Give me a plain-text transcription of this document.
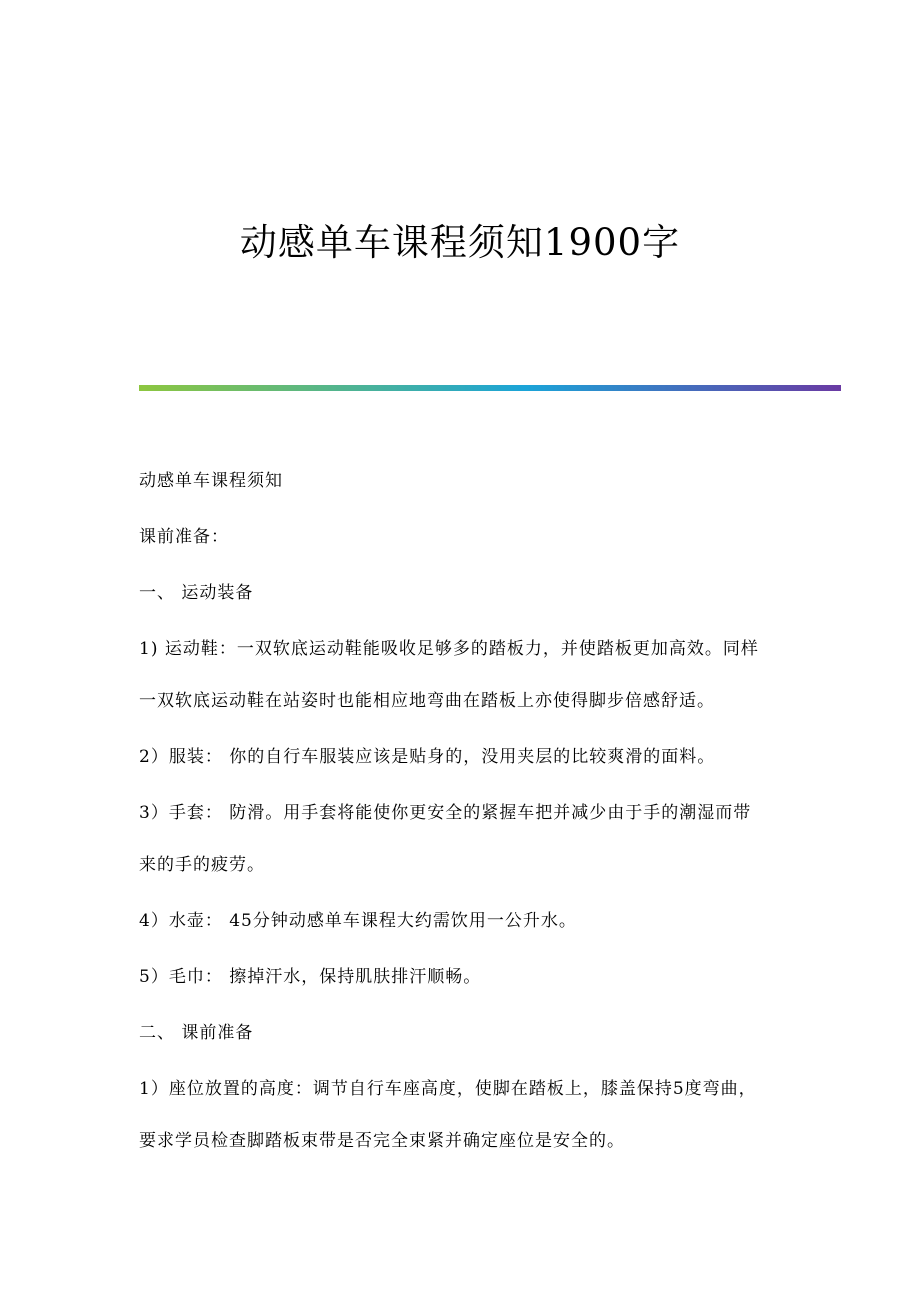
动感单车课程须知1900字

动感单车课程须知

课前准备：

一、 运动装备

1) 运动鞋：一双软底运动鞋能吸收足够多的踏板力，并使踏板更加高效。同样
一双软底运动鞋在站姿时也能相应地弯曲在踏板上亦使得脚步倍感舒适。

2）服装： 你的自行车服装应该是贴身的，没用夹层的比较爽滑的面料。

3）手套： 防滑。用手套将能使你更安全的紧握车把并减少由于手的潮湿而带
来的手的疲劳。

4）水壶： 45分钟动感单车课程大约需饮用一公升水。

5）毛巾： 擦掉汗水，保持肌肤排汗顺畅。

二、 课前准备

1）座位放置的高度：调节自行车座高度，使脚在踏板上，膝盖保持5度弯曲，
要求学员检查脚踏板束带是否完全束紧并确定座位是安全的。
